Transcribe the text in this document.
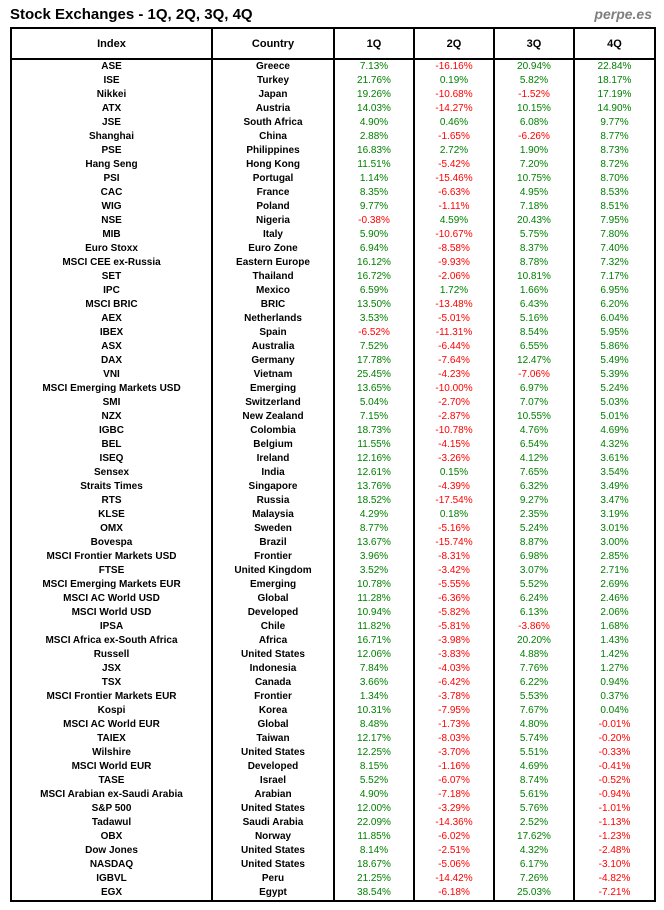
Stock Exchanges - 1Q, 2Q, 3Q, 4Q	perpe.es
Index	Country	1Q	2Q	3Q	4Q
ASE	Greece	7.13%	-16.16%	20.94%	22.84%
ISE	Turkey	21.76%	0.19%	5.82%	18.17%
Nikkei	Japan	19.26%	-10.68%	-1.52%	17.19%
ATX	Austria	14.03%	-14.27%	10.15%	14.90%
JSE	South Africa	4.90%	0.46%	6.08%	9.77%
Shanghai	China	2.88%	-1.65%	-6.26%	8.77%
PSE	Philippines	16.83%	2.72%	1.90%	8.73%
Hang Seng	Hong Kong	11.51%	-5.42%	7.20%	8.72%
PSI	Portugal	1.14%	-15.46%	10.75%	8.70%
CAC	France	8.35%	-6.63%	4.95%	8.53%
WIG	Poland	9.77%	-1.11%	7.18%	8.51%
NSE	Nigeria	-0.38%	4.59%	20.43%	7.95%
MIB	Italy	5.90%	-10.67%	5.75%	7.80%
Euro Stoxx	Euro Zone	6.94%	-8.58%	8.37%	7.40%
MSCI CEE ex-Russia	Eastern Europe	16.12%	-9.93%	8.78%	7.32%
SET	Thailand	16.72%	-2.06%	10.81%	7.17%
IPC	Mexico	6.59%	1.72%	1.66%	6.95%
MSCI BRIC	BRIC	13.50%	-13.48%	6.43%	6.20%
AEX	Netherlands	3.53%	-5.01%	5.16%	6.04%
IBEX	Spain	-6.52%	-11.31%	8.54%	5.95%
ASX	Australia	7.52%	-6.44%	6.55%	5.86%
DAX	Germany	17.78%	-7.64%	12.47%	5.49%
VNI	Vietnam	25.45%	-4.23%	-7.06%	5.39%
MSCI Emerging Markets USD	Emerging	13.65%	-10.00%	6.97%	5.24%
SMI	Switzerland	5.04%	-2.70%	7.07%	5.03%
NZX	New Zealand	7.15%	-2.87%	10.55%	5.01%
IGBC	Colombia	18.73%	-10.78%	4.76%	4.69%
BEL	Belgium	11.55%	-4.15%	6.54%	4.32%
ISEQ	Ireland	12.16%	-3.26%	4.12%	3.61%
Sensex	India	12.61%	0.15%	7.65%	3.54%
Straits Times	Singapore	13.76%	-4.39%	6.32%	3.49%
RTS	Russia	18.52%	-17.54%	9.27%	3.47%
KLSE	Malaysia	4.29%	0.18%	2.35%	3.19%
OMX	Sweden	8.77%	-5.16%	5.24%	3.01%
Bovespa	Brazil	13.67%	-15.74%	8.87%	3.00%
MSCI Frontier Markets USD	Frontier	3.96%	-8.31%	6.98%	2.85%
FTSE	United Kingdom	3.52%	-3.42%	3.07%	2.71%
MSCI Emerging Markets EUR	Emerging	10.78%	-5.55%	5.52%	2.69%
MSCI AC World USD	Global	11.28%	-6.36%	6.24%	2.46%
MSCI World USD	Developed	10.94%	-5.82%	6.13%	2.06%
IPSA	Chile	11.82%	-5.81%	-3.86%	1.68%
MSCI Africa ex-South Africa	Africa	16.71%	-3.98%	20.20%	1.43%
Russell	United States	12.06%	-3.83%	4.88%	1.42%
JSX	Indonesia	7.84%	-4.03%	7.76%	1.27%
TSX	Canada	3.66%	-6.42%	6.22%	0.94%
MSCI Frontier Markets EUR	Frontier	1.34%	-3.78%	5.53%	0.37%
Kospi	Korea	10.31%	-7.95%	7.67%	0.04%
MSCI AC World EUR	Global	8.48%	-1.73%	4.80%	-0.01%
TAIEX	Taiwan	12.17%	-8.03%	5.74%	-0.20%
Wilshire	United States	12.25%	-3.70%	5.51%	-0.33%
MSCI World EUR	Developed	8.15%	-1.16%	4.69%	-0.41%
TASE	Israel	5.52%	-6.07%	8.74%	-0.52%
MSCI Arabian ex-Saudi Arabia	Arabian	4.90%	-7.18%	5.61%	-0.94%
S&P 500	United States	12.00%	-3.29%	5.76%	-1.01%
Tadawul	Saudi Arabia	22.09%	-14.36%	2.52%	-1.13%
OBX	Norway	11.85%	-6.02%	17.62%	-1.23%
Dow Jones	United States	8.14%	-2.51%	4.32%	-2.48%
NASDAQ	United States	18.67%	-5.06%	6.17%	-3.10%
IGBVL	Peru	21.25%	-14.42%	7.26%	-4.82%
EGX	Egypt	38.54%	-6.18%	25.03%	-7.21%
